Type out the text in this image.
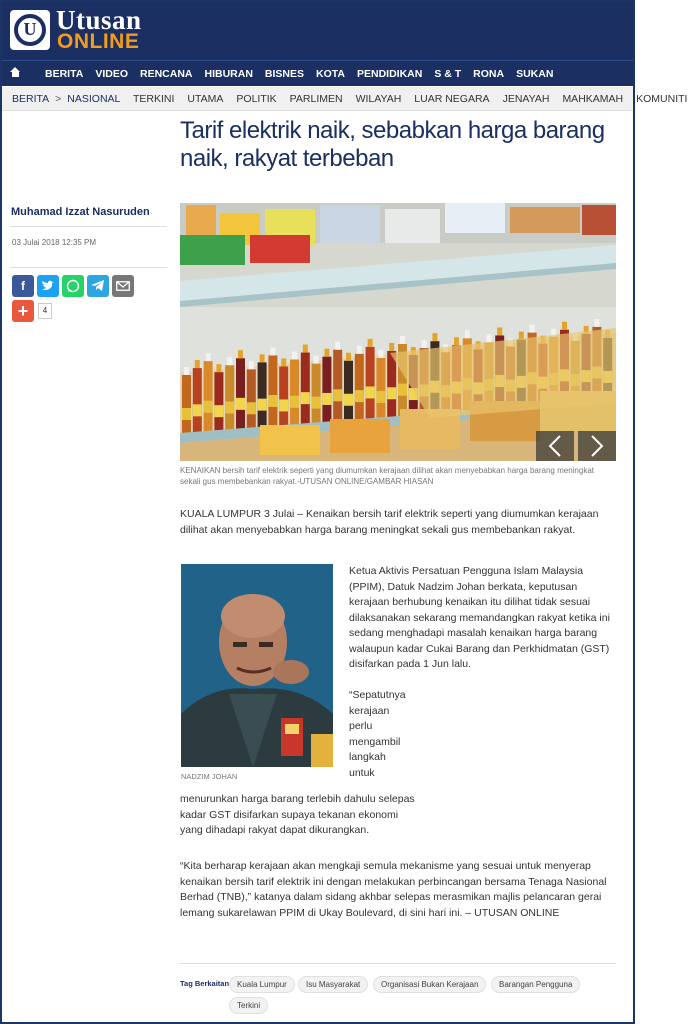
U Utusan
ONLINE
BERITA VIDEO RENCANA HIBURAN BISNES KOTA PENDIDIKAN S & T RONA SUKAN
BERITA > NASIONAL TERKINI UTAMA POLITIK PARLIMEN WILAYAH LUAR NEGARA JENAYAH MAHKAMAH KOMUNITI
Tarif elektrik naik, sebabkan harga barang naik, rakyat terbeban
Muhamad Izzat Nasuruden
03 Julai 2018 12:35 PM
f
+	4
KENAIKAN bersih tarif elektrik seperti yang diumumkan kerajaan dilihat akan menyebabkan harga barang meningkat sekali gus membebankan rakyat.-UTUSAN ONLINE/GAMBAR HIASAN

KUALA LUMPUR 3 Julai – Kenaikan bersih tarif elektrik seperti yang diumumkan kerajaan dilihat akan menyebabkan harga barang meningkat sekali gus membebankan rakyat.

NADZIM JOHAN

Ketua Aktivis Persatuan Pengguna Islam Malaysia (PPIM), Datuk Nadzim Johan berkata, keputusan kerajaan berhubung kenaikan itu dilihat tidak sesuai dilaksanakan sekarang memandangkan rakyat ketika ini sedang menghadapi masalah kenaikan harga barang walaupun kadar Cukai Barang dan Perkhidmatan (GST) disifarkan pada 1 Jun lalu.

“Sepatutnya kerajaan perlu mengambil langkah untuk

menurunkan harga barang terlebih dahulu selepas kadar GST disifarkan supaya tekanan ekonomi yang dihadapi rakyat dapat dikurangkan.

“Kita berharap kerajaan akan mengkaji semula mekanisme yang sesuai untuk menyerap kenaikan bersih tarif elektrik ini dengan melakukan perbincangan bersama Tenaga Nasional Berhad (TNB),” katanya dalam sidang akhbar selepas merasmikan majlis pelancaran gerai lemang sukarelawan PPIM di Ukay Boulevard, di sini hari ini. – UTUSAN ONLINE

Tag Berkaitan Kuala Lumpur	Isu Masyarakat	Organisasi Bukan Kerajaan	Barangan Pengguna
Terkini
